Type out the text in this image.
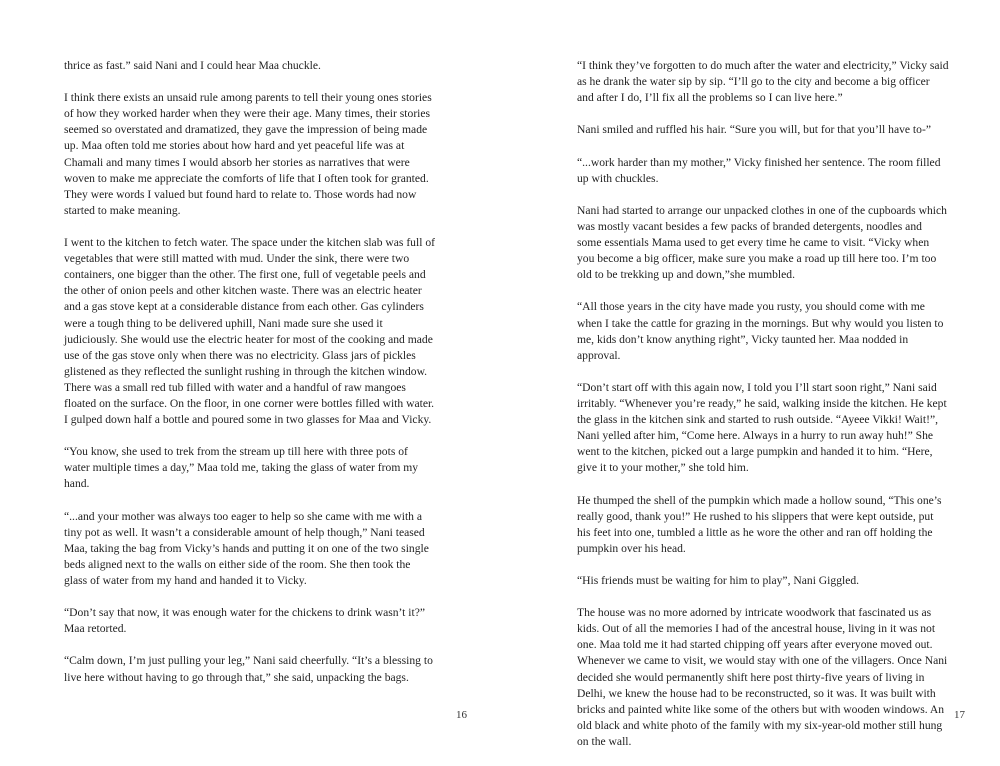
thrice as fast.” said Nani and I could hear Maa chuckle.

I think there exists an unsaid rule among parents to tell their young ones stories of how they worked harder when they were their age. Many times, their stories seemed so overstated and dramatized, they gave the impression of being made up. Maa often told me stories about how hard and yet peaceful life was at Chamali and many times I would absorb her stories as narratives that were woven to make me appreciate the comforts of life that I often took for granted. They were words I valued but found hard to relate to. Those words had now started to make meaning.

I went to the kitchen to fetch water. The space under the kitchen slab was full of vegetables that were still matted with mud. Under the sink, there were two containers, one bigger than the other. The first one, full of vegetable peels and the other of onion peels and other kitchen waste. There was an electric heater and a gas stove kept at a considerable distance from each other. Gas cylinders were a tough thing to be delivered uphill, Nani made sure she used it judiciously. She would use the electric heater for most of the cooking and made use of the gas stove only when there was no electricity. Glass jars of pickles glistened as they reflected the sunlight rushing in through the kitchen window. There was a small red tub filled with water and a handful of raw mangoes floated on the surface. On the floor, in one corner were bottles filled with water. I gulped down half a bottle and poured some in two glasses for Maa and Vicky.

“You know, she used to trek from the stream up till here with three pots of water multiple times a day,” Maa told me, taking the glass of water from my hand.

“...and your mother was always too eager to help so she came with me with a tiny pot as well. It wasn’t a considerable amount of help though,” Nani teased Maa, taking the bag from Vicky’s hands and putting it on one of the two single beds aligned next to the walls on either side of the room. She then took the glass of water from my hand and handed it to Vicky.

“Don’t say that now, it was enough water for the chickens to drink wasn’t it?” Maa retorted.

“Calm down, I’m just pulling your leg,” Nani said cheerfully. “It’s a blessing to live here without having to go through that,” she said, unpacking the bags.

16

“I think they’ve forgotten to do much after the water and electricity,” Vicky said as he drank the water sip by sip. “I’ll go to the city and become a big officer and after I do, I’ll fix all the problems so I can live here.”

Nani smiled and ruffled his hair. “Sure you will, but for that you’ll have to-”

“...work harder than my mother,” Vicky finished her sentence. The room filled up with chuckles.

Nani had started to arrange our unpacked clothes in one of the cupboards which was mostly vacant besides a few packs of branded detergents, noodles and some essentials Mama used to get every time he came to visit. “Vicky when you become a big officer, make sure you make a road up till here too. I’m too old to be trekking up and down,”she mumbled.

“All those years in the city have made you rusty, you should come with me when I take the cattle for grazing in the mornings. But why would you listen to me, kids don’t know anything right”, Vicky taunted her. Maa nodded in approval.

“Don’t start off with this again now, I told you I’ll start soon right,” Nani said irritably. “Whenever you’re ready,” he said, walking inside the kitchen. He kept the glass in the kitchen sink and started to rush outside. “Ayeee Vikki! Wait!”, Nani yelled after him, “Come here. Always in a hurry to run away huh!” She went to the kitchen, picked out a large pumpkin and handed it to him. “Here, give it to your mother,” she told him.

He thumped the shell of the pumpkin which made a hollow sound, “This one’s really good, thank you!” He rushed to his slippers that were kept outside, put his feet into one, tumbled a little as he wore the other and ran off holding the pumpkin over his head.

“His friends must be waiting for him to play”, Nani Giggled.

The house was no more adorned by intricate woodwork that fascinated us as kids. Out of all the memories I had of the ancestral house, living in it was not one. Maa told me it had started chipping off years after everyone moved out. Whenever we came to visit, we would stay with one of the villagers. Once Nani decided she would permanently shift here post thirty-five years of living in Delhi, we knew the house had to be reconstructed, so it was. It was built with bricks and painted white like some of the others but with wooden windows. An old black and white photo of the family with my six-year-old mother still hung on the wall.

17
